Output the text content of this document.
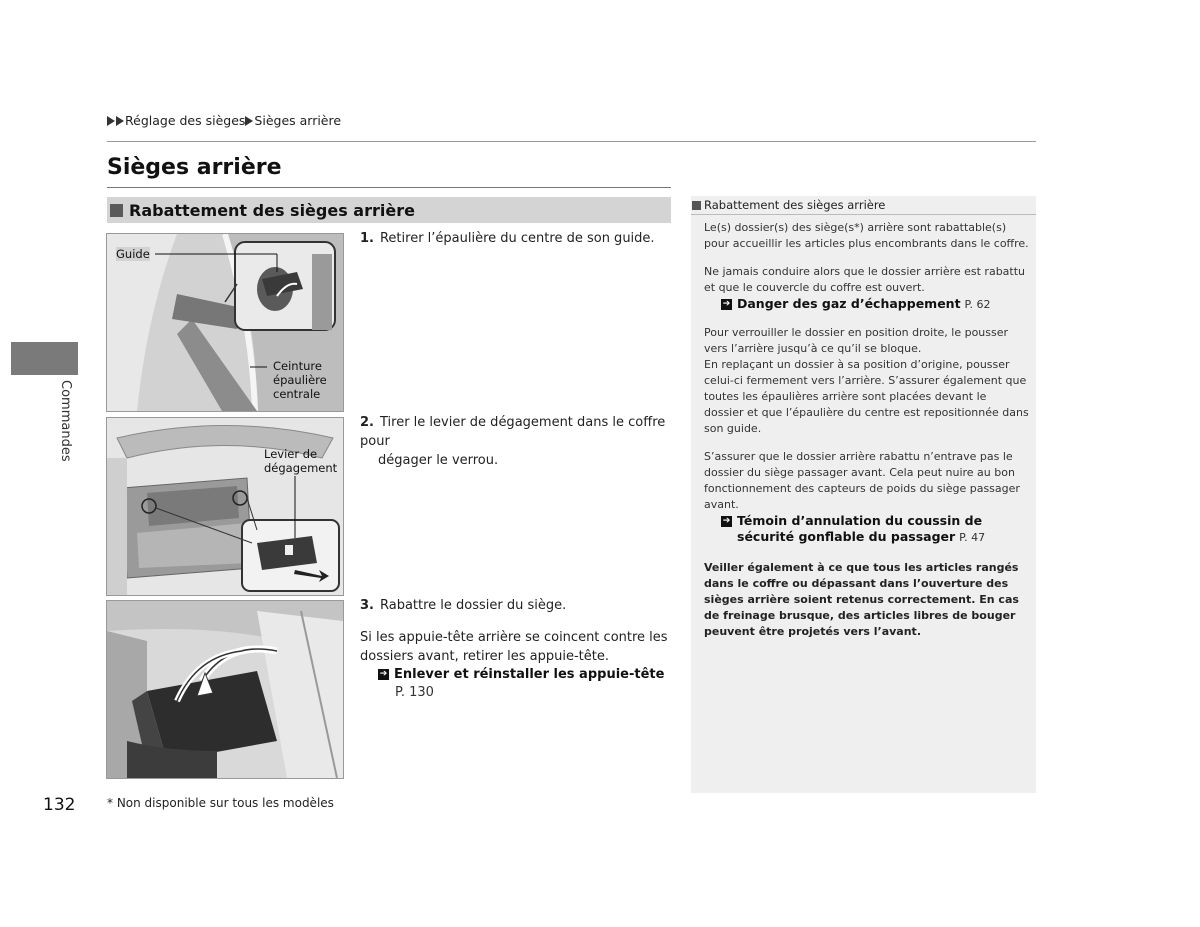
Réglage des sièges Sièges arrière
Sièges arrière
Rabattement des sièges arrière
Commandes
Guide
Ceinture
épaulière
centrale
Levier de
dégagement
1. Retirer l’épaulière du centre de son guide.
2. Tirer le levier de dégagement dans le coffre pour
dégager le verrou.
3. Rabattre le dossier du siège.
Si les appuie-tête arrière se coincent contre les
dossiers avant, retirer les appuie-tête.
➔ Enlever et réinstaller les appuie-tête
P. 130
Rabattement des sièges arrière

Le(s) dossier(s) des siège(s*) arrière sont rabattable(s) pour accueillir les articles plus encombrants dans le coffre.

Ne jamais conduire alors que le dossier arrière est rabattu et que le couvercle du coffre est ouvert.

➔ Danger des gaz d’échappement P. 62

Pour verrouiller le dossier en position droite, le pousser vers l’arrière jusqu’à ce qu’il se bloque.

En replaçant un dossier à sa position d’origine, pousser celui-ci fermement vers l’arrière. S’assurer également que toutes les épaulières arrière sont placées devant le dossier et que l’épaulière du centre est repositionnée dans son guide.

S’assurer que le dossier arrière rabattu n’entrave pas le dossier du siège passager avant. Cela peut nuire au bon fonctionnement des capteurs de poids du siège passager avant.

➔ Témoin d’annulation du coussin de
sécurité gonflable du passager P. 47

Veiller également à ce que tous les articles rangés dans le coffre ou dépassant dans l’ouverture des sièges arrière soient retenus correctement. En cas de freinage brusque, des articles libres de bouger peuvent être projetés vers l’avant.

132	* Non disponible sur tous les modèles
